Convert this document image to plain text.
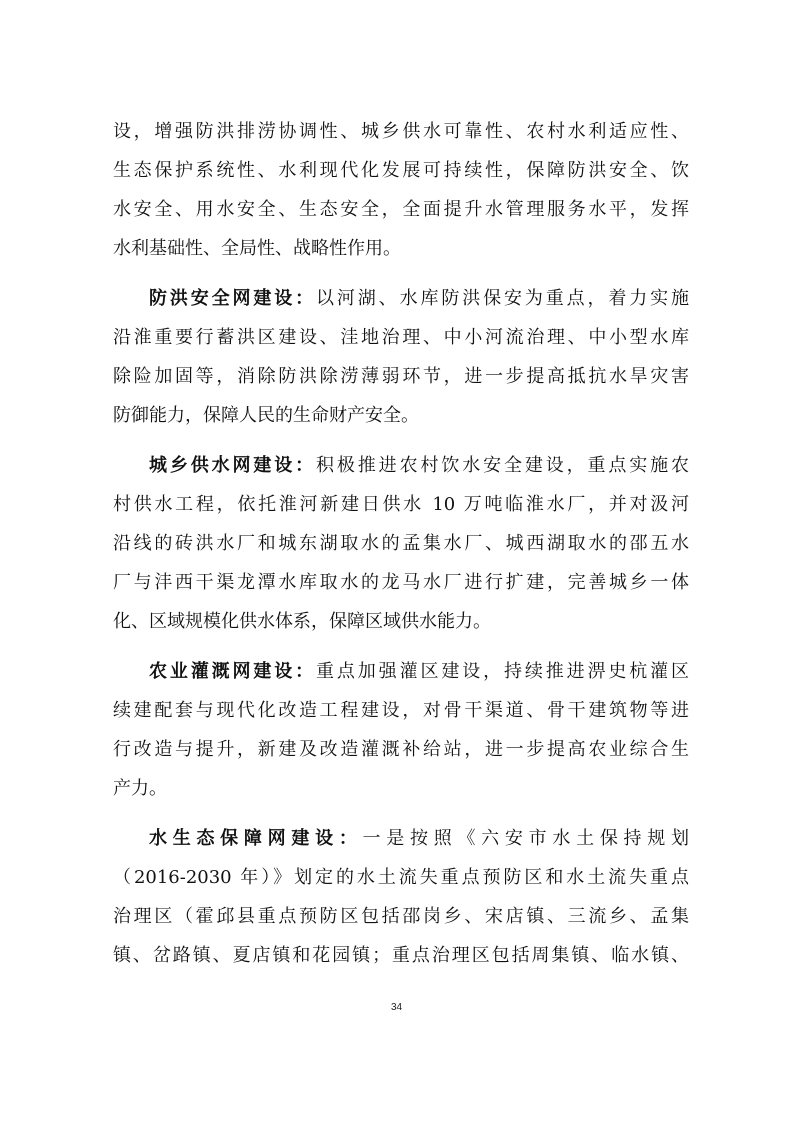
设，增强防洪排涝协调性、城乡供水可靠性、农村水利适应性、
生态保护系统性、水利现代化发展可持续性，保障防洪安全、饮
水安全、用水安全、生态安全，全面提升水管理服务水平，发挥
水利基础性、全局性、战略性作用。
防洪安全网建设：以河湖、水库防洪保安为重点，着力实施
沿淮重要行蓄洪区建设、洼地治理、中小河流治理、中小型水库
除险加固等，消除防洪除涝薄弱环节，进一步提高抵抗水旱灾害
防御能力，保障人民的生命财产安全。
城乡供水网建设：积极推进农村饮水安全建设，重点实施农
村供水工程，依托淮河新建日供水 10 万吨临淮水厂，并对汲河
沿线的砖洪水厂和城东湖取水的孟集水厂、城西湖取水的邵五水
厂与沣西干渠龙潭水库取水的龙马水厂进行扩建，完善城乡一体
化、区域规模化供水体系，保障区域供水能力。
农业灌溉网建设：重点加强灌区建设，持续推进淠史杭灌区
续建配套与现代化改造工程建设，对骨干渠道、骨干建筑物等进
行改造与提升，新建及改造灌溉补给站，进一步提高农业综合生
产力。
水生态保障网建设：一是按照《六安市水土保持规划
（2016-2030 年）》划定的水土流失重点预防区和水土流失重点
治理区（霍邱县重点预防区包括邵岗乡、宋店镇、三流乡、孟集
镇、岔路镇、夏店镇和花园镇；重点治理区包括周集镇、临水镇、
34
